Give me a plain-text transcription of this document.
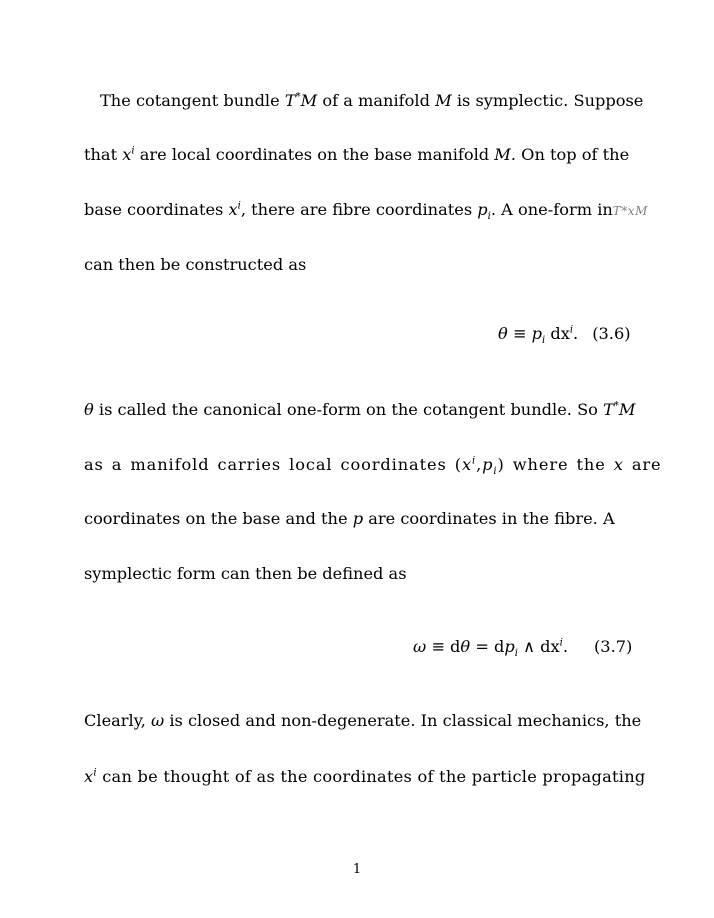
The cotangent bundle T*M of a manifold M is symplectic. Suppose
that $x^i$ are local coordinates on the base manifold M. On top of the
base coordinates $x^i$, there are fibre coordinates $p_i$. A one-form inT*xM
can then be constructed as
$\theta \equiv p_i$ $dx^i$. (3.6)
θ is called the canonical one-form on the cotangent bundle. So T*M
as a manifold carries local coordinates $(x^i,p_i)$ where the x are
coordinates on the base and the p are coordinates in the fibre. A
symplectic form can then be defined as
$\omega \equiv d\theta = dp_i$ ∧ $dx^i$. (3.7)
Clearly, ω is closed and non-degenerate. In classical mechanics, the
$x^i$ can be thought of as the coordinates of the particle propagating
1
